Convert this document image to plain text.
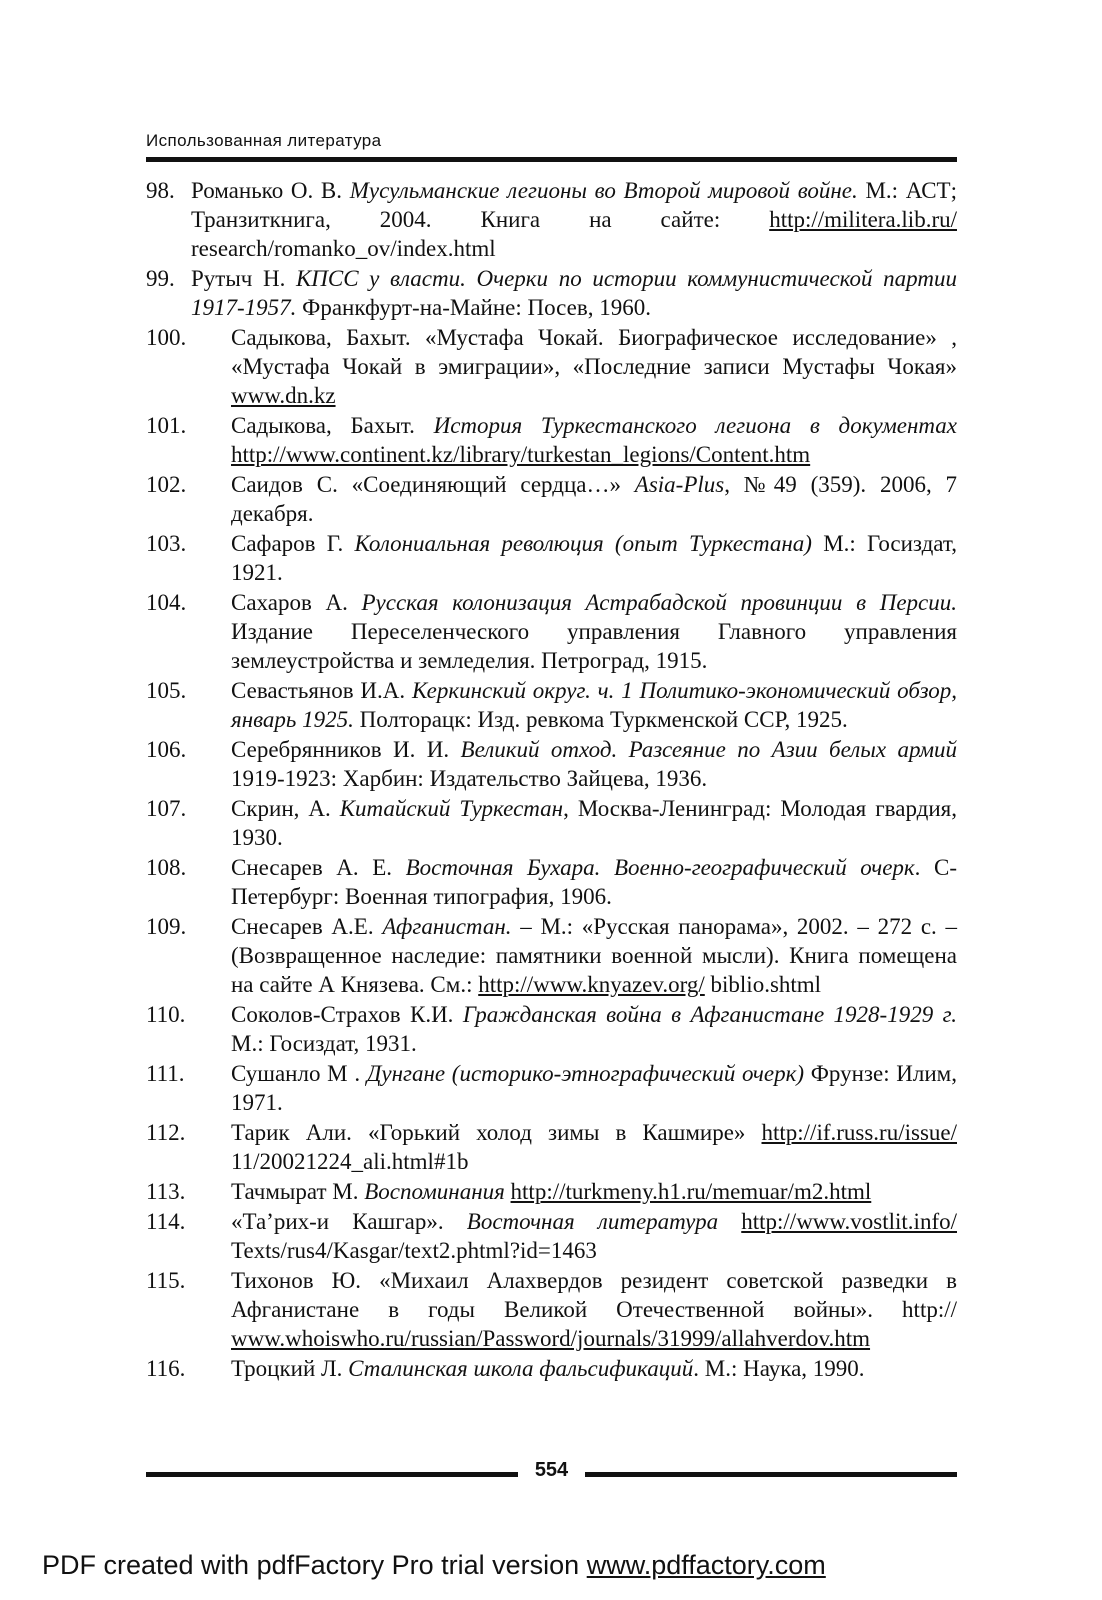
Использованная литература
98. Романько О. В. Мусульманские легионы во Второй мировой войне. М.: АСТ; Транзиткнига, 2004. Книга на сайте: http://militera.lib.ru/ research/romanko_ov/index.html
99. Рутыч Н. КПСС у власти. Очерки по истории коммунистической партии 1917-1957. Франкфурт-на-Майне: Посев, 1960.
100. Садыкова, Бахыт. «Мустафа Чокай. Биографическое исследование» , «Мустафа Чокай в эмиграции», «Последние записи Мустафы Чокая» www.dn.kz
101. Садыкова, Бахыт. История Туркестанского легиона в документах http://www.continent.kz/library/turkestan_legions/Content.htm
102. Саидов С. «Соединяющий сердца…» Asia-Plus, №49 (359). 2006, 7 декабря.
103. Сафаров Г. Колониальная революция (опыт Туркестана) М.: Госиздат, 1921.
104. Сахаров А. Русская колонизация Астрабадской провинции в Персии. Издание Переселенческого управления Главного управления землеустройства и земледелия. Петроград, 1915.
105. Севастьянов И.А. Керкинский округ. ч. 1 Политико-экономический обзор, январь 1925. Полторацк: Изд. ревкома Туркменской ССР, 1925.
106. Серебрянников И. И. Великий отход. Разсеяние по Азии белых армий 1919-1923: Харбин: Издательство Зайцева, 1936.
107. Скрин, А. Китайский Туркестан, Москва-Ленинград: Молодая гвардия, 1930.
108. Снесарев А. Е. Восточная Бухара. Военно-географический очерк. С-Петербург: Военная типография, 1906.
109. Снесарев А.Е. Афганистан. – М.: «Русская панорама», 2002. – 272 с. – (Возвращенное наследие: памятники военной мысли). Книга помещена на сайте А Князева. См.: http://www.knyazev.org/ biblio.shtml
110. Соколов-Страхов К.И. Гражданская война в Афганистане 1928-1929 г. М.: Госиздат, 1931.
111. Сушанло М . Дунгане (историко-этнографический очерк) Фрунзе: Илим, 1971.
112. Тарик Али. «Горький холод зимы в Кашмире» http://if.russ.ru/issue/ 11/20021224_ali.html#1b
113. Тачмырат М. Воспоминания http://turkmeny.h1.ru/memuar/m2.html
114. «Та’рих-и Кашгар». Восточная литература http://www.vostlit.info/ Texts/rus4/Kasgar/text2.phtml?id=1463
115. Тихонов Ю. «Михаил Алахвердов резидент советской разведки в Афганистане в годы Великой Отечественной войны». http:// www.whoiswho.ru/russian/Password/journals/31999/allahverdov.htm
116. Троцкий Л. Сталинская школа фальсификаций. М.: Наука, 1990.
554
PDF created with pdfFactory Pro trial version www.pdffactory.com
